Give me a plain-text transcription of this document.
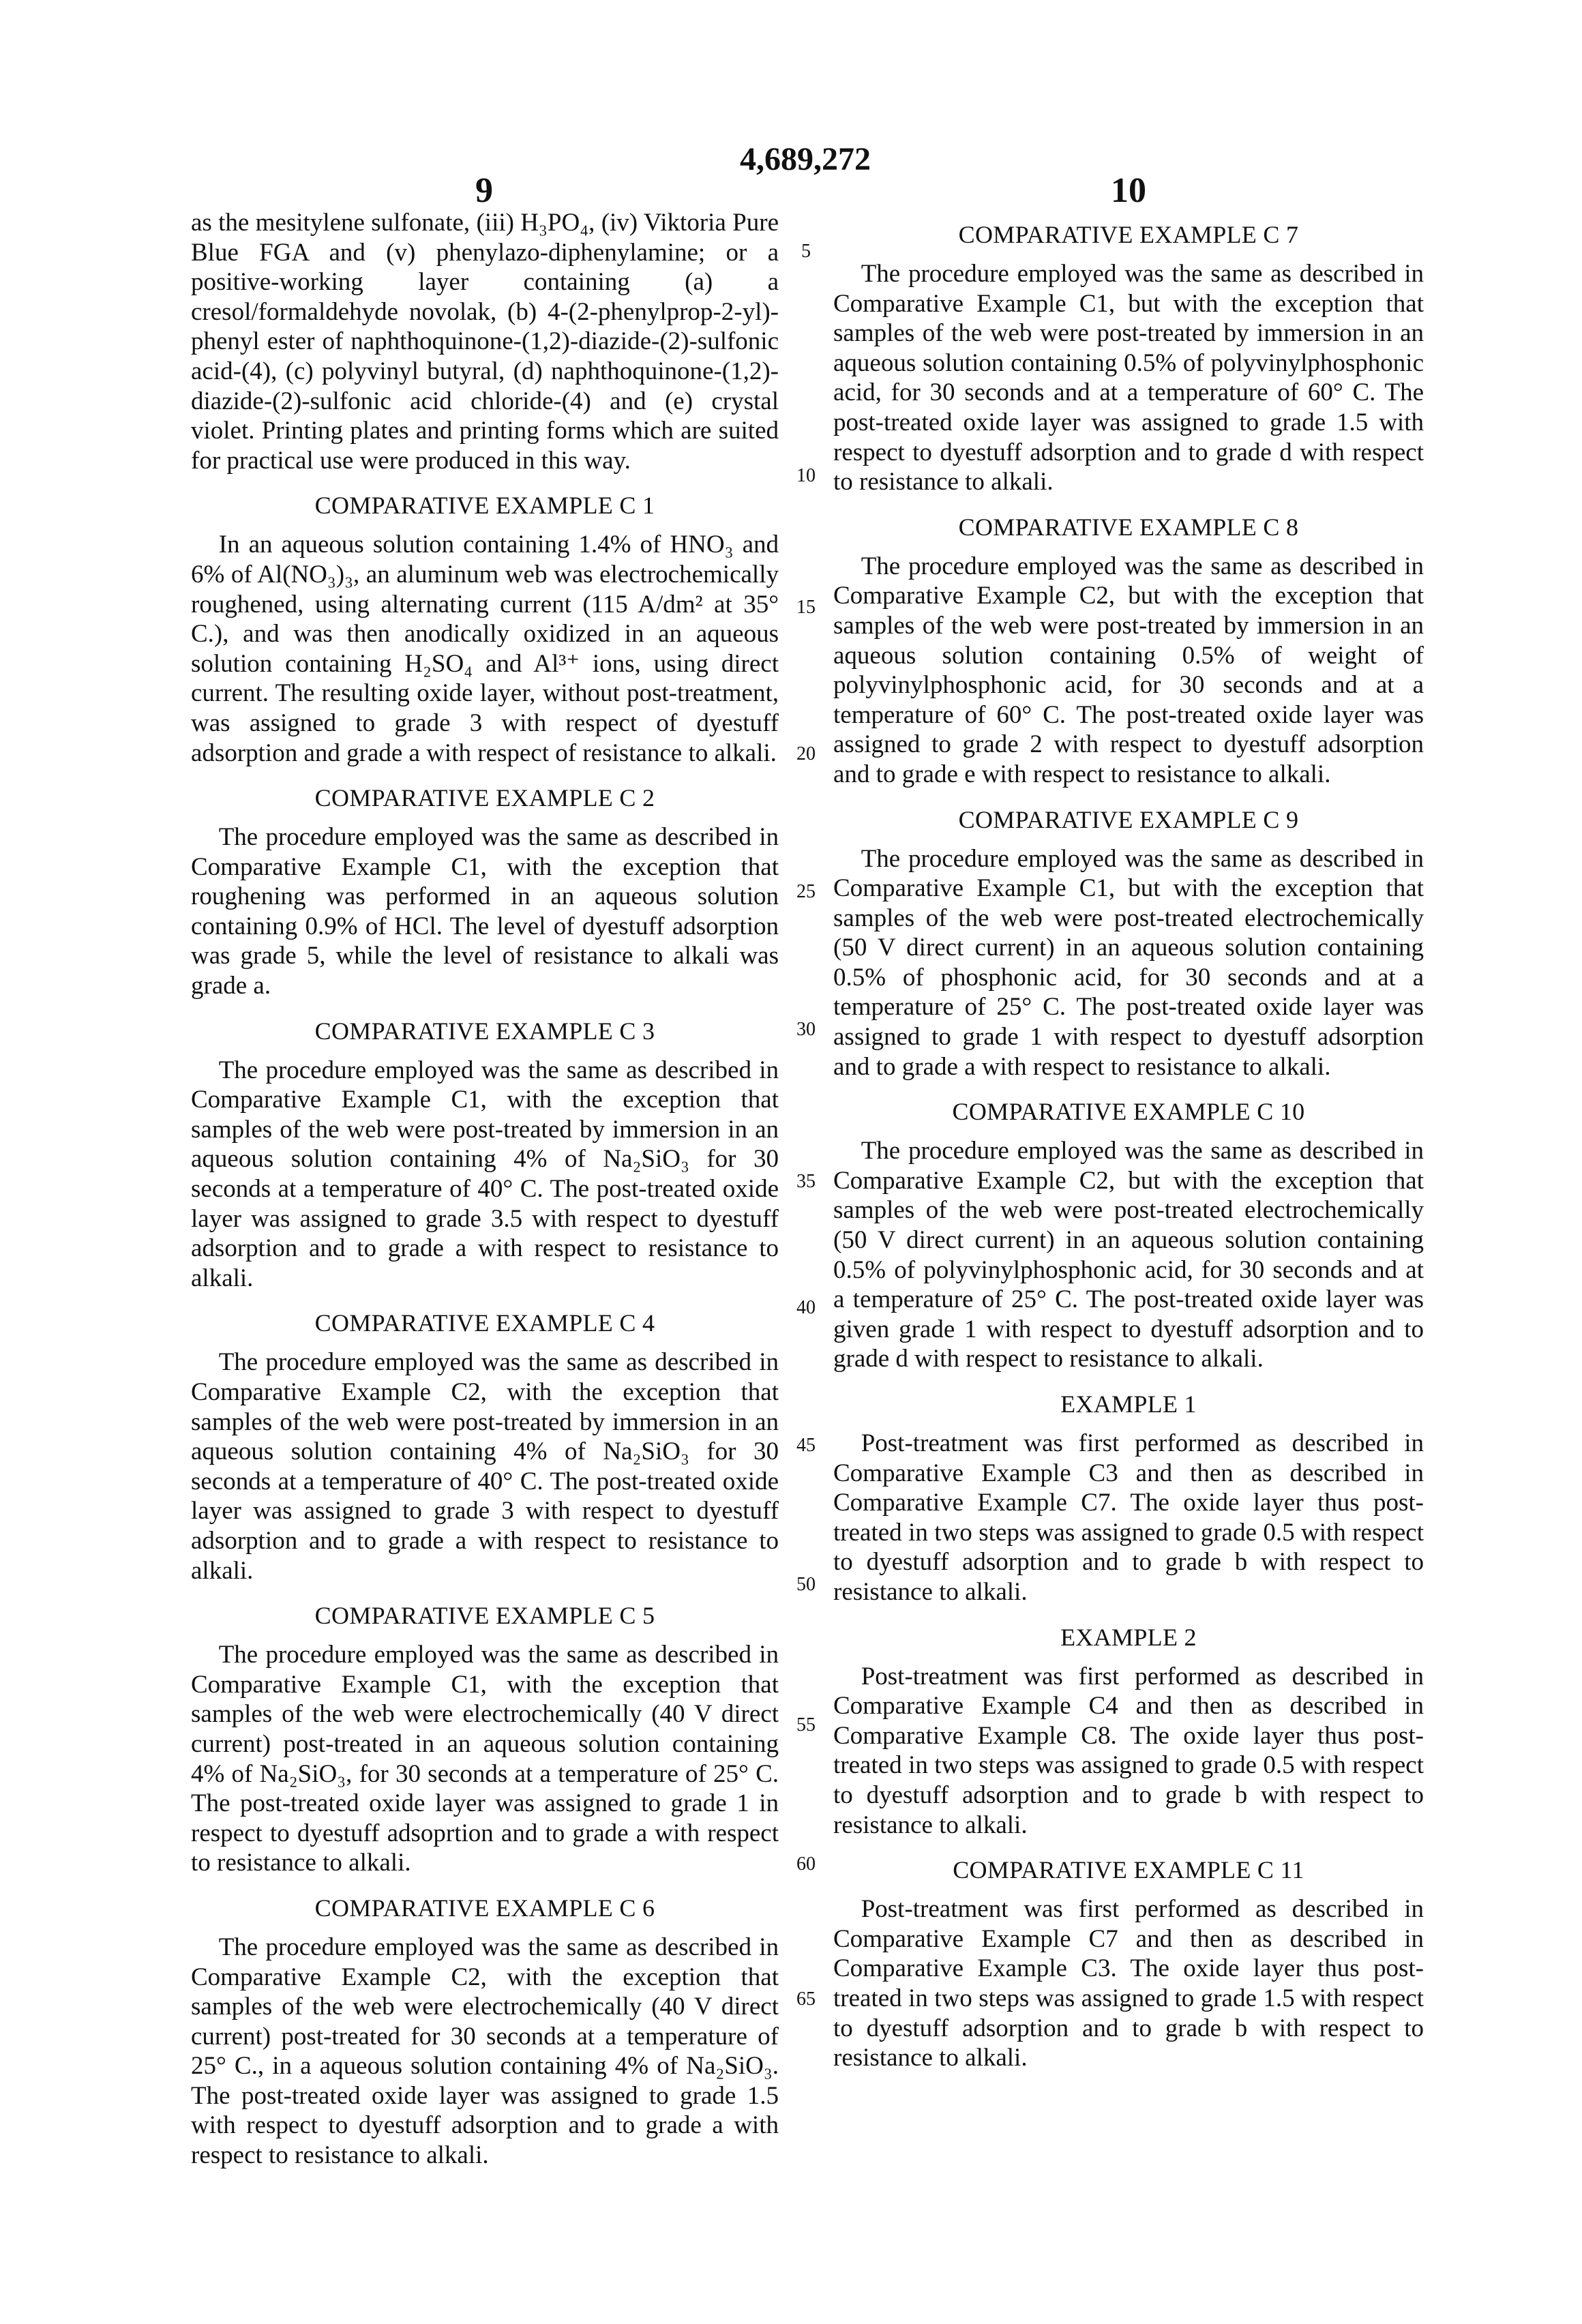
4,689,272
9	10

as the mesitylene sulfonate, (iii) H₃PO₄, (iv) Viktoria Pure Blue FGA and (v) phenylazo-diphenylamine; or a positive-working layer containing (a) a cresol/formaldehyde novolak, (b) 4-(2-phenylprop-2-yl)-phenyl ester of naphthoquinone-(1,2)-diazide-(2)-sulfonic acid-(4), (c) polyvinyl butyral, (d) naphthoquinone-(1,2)-diazide-(2)-sulfonic acid chloride-(4) and (e) crystal violet. Printing plates and printing forms which are suited for practical use were produced in this way.

COMPARATIVE EXAMPLE C 1

In an aqueous solution containing 1.4% of HNO₃ and 6% of Al(NO₃)₃, an aluminum web was electrochemically roughened, using alternating current (115 A/dm² at 35° C.), and was then anodically oxidized in an aqueous solution containing H₂SO₄ and Al³⁺ ions, using direct current. The resulting oxide layer, without post-treatment, was assigned to grade 3 with respect of dyestuff adsorption and grade a with respect of resistance to alkali.

COMPARATIVE EXAMPLE C 2

The procedure employed was the same as described in Comparative Example C1, with the exception that roughening was performed in an aqueous solution containing 0.9% of HCl. The level of dyestuff adsorption was grade 5, while the level of resistance to alkali was grade a.

COMPARATIVE EXAMPLE C 3

The procedure employed was the same as described in Comparative Example C1, with the exception that samples of the web were post-treated by immersion in an aqueous solution containing 4% of Na₂SiO₃ for 30 seconds at a temperature of 40° C. The post-treated oxide layer was assigned to grade 3.5 with respect to dyestuff adsorption and to grade a with respect to resistance to alkali.

COMPARATIVE EXAMPLE C 4

The procedure employed was the same as described in Comparative Example C2, with the exception that samples of the web were post-treated by immersion in an aqueous solution containing 4% of Na₂SiO₃ for 30 seconds at a temperature of 40° C. The post-treated oxide layer was assigned to grade 3 with respect to dyestuff adsorption and to grade a with respect to resistance to alkali.

COMPARATIVE EXAMPLE C 5

The procedure employed was the same as described in Comparative Example C1, with the exception that samples of the web were electrochemically (40 V direct current) post-treated in an aqueous solution containing 4% of Na₂SiO₃, for 30 seconds at a temperature of 25° C. The post-treated oxide layer was assigned to grade 1 in respect to dyestuff adsoprtion and to grade a with respect to resistance to alkali.

COMPARATIVE EXAMPLE C 6

The procedure employed was the same as described in Comparative Example C2, with the exception that samples of the web were electrochemically (40 V direct current) post-treated for 30 seconds at a temperature of 25° C., in a aqueous solution containing 4% of Na₂SiO₃. The post-treated oxide layer was assigned to grade 1.5 with respect to dyestuff adsorption and to grade a with respect to resistance to alkali.

COMPARATIVE EXAMPLE C 7

The procedure employed was the same as described in Comparative Example C1, but with the exception that samples of the web were post-treated by immersion in an aqueous solution containing 0.5% of polyvinylphosphonic acid, for 30 seconds and at a temperature of 60° C. The post-treated oxide layer was assigned to grade 1.5 with respect to dyestuff adsorption and to grade d with respect to resistance to alkali.

COMPARATIVE EXAMPLE C 8

The procedure employed was the same as described in Comparative Example C2, but with the exception that samples of the web were post-treated by immersion in an aqueous solution containing 0.5% of weight of polyvinylphosphonic acid, for 30 seconds and at a temperature of 60° C. The post-treated oxide layer was assigned to grade 2 with respect to dyestuff adsorption and to grade e with respect to resistance to alkali.

COMPARATIVE EXAMPLE C 9

The procedure employed was the same as described in Comparative Example C1, but with the exception that samples of the web were post-treated electrochemically (50 V direct current) in an aqueous solution containing 0.5% of phosphonic acid, for 30 seconds and at a temperature of 25° C. The post-treated oxide layer was assigned to grade 1 with respect to dyestuff adsorption and to grade a with respect to resistance to alkali.

COMPARATIVE EXAMPLE C 10

The procedure employed was the same as described in Comparative Example C2, but with the exception that samples of the web were post-treated electrochemically (50 V direct current) in an aqueous solution containing 0.5% of polyvinylphosphonic acid, for 30 seconds and at a temperature of 25° C. The post-treated oxide layer was given grade 1 with respect to dyestuff adsorption and to grade d with respect to resistance to alkali.

EXAMPLE 1

Post-treatment was first performed as described in Comparative Example C3 and then as described in Comparative Example C7. The oxide layer thus post-treated in two steps was assigned to grade 0.5 with respect to dyestuff adsorption and to grade b with respect to resistance to alkali.

EXAMPLE 2

Post-treatment was first performed as described in Comparative Example C4 and then as described in Comparative Example C8. The oxide layer thus post-treated in two steps was assigned to grade 0.5 with respect to dyestuff adsorption and to grade b with respect to resistance to alkali.

COMPARATIVE EXAMPLE C 11

Post-treatment was first performed as described in Comparative Example C7 and then as described in Comparative Example C3. The oxide layer thus post-treated in two steps was assigned to grade 1.5 with respect to dyestuff adsorption and to grade b with respect to resistance to alkali.

5
10
15
20
25
30
35
40
45
50
55
60
65
